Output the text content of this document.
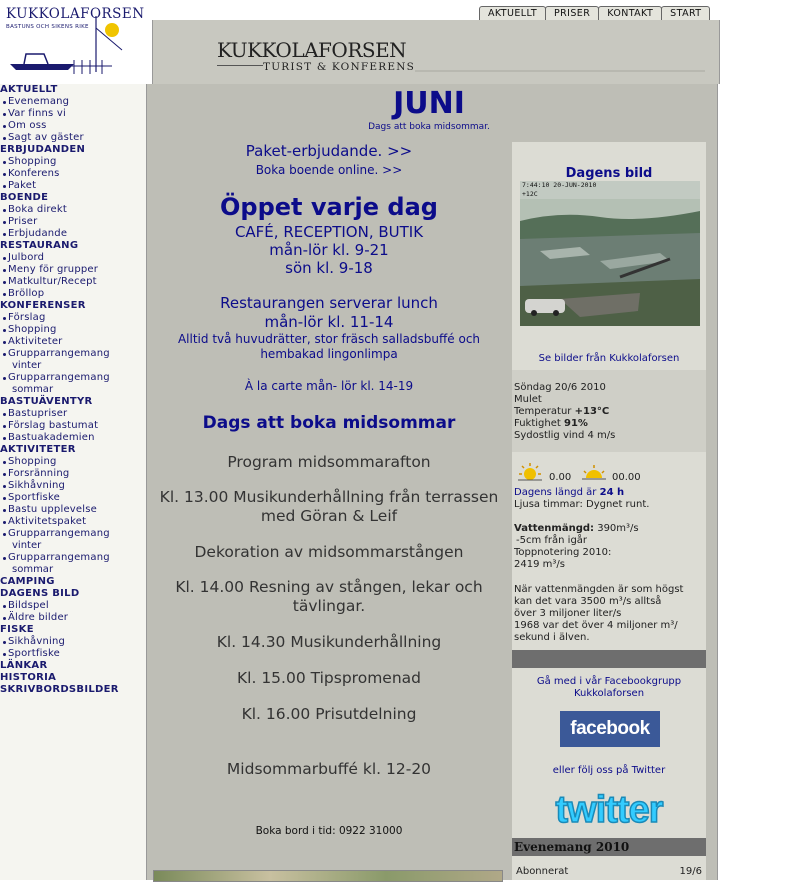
KUKKOLAFORSEN
BASTUNS OCH SIKENS RIKE
AKTUELLT
Evenemang
Var finns vi
Om oss
Sagt av gäster
ERBJUDANDEN
Shopping
Konferens
Paket
BOENDE
Boka direkt
Priser
Erbjudande
RESTAURANG
Julbord
Meny för grupper
Matkultur/Recept
Bröllop
KONFERENSER
Förslag
Shopping
Aktiviteter
Grupparrangemang
vinter
Grupparrangemang
sommar
BASTUÄVENTYR
Bastupriser
Förslag bastumat
Bastuakademien
AKTIVITETER
Shopping
Forsränning
Sikhåvning
Sportfiske
Bastu upplevelse
Aktivitetspaket
Grupparrangemang
vinter
Grupparrangemang
sommar
CAMPING
DAGENS BILD
Bildspel
Äldre bilder
FISKE
Sikhåvning
Sportfiske
LÄNKAR
HISTORIA
SKRIVBORDSBILDER
AKTUELLT	PRISER	KONTAKT	START
KUKKOLAFORSEN
TURIST & KONFERENS
JUNI
Dags att boka midsommar.
Paket-erbjudande. >>
Boka boende online. >>
Öppet varje dag
CAFÉ, RECEPTION, BUTIK
mån-lör kl. 9-21
sön kl. 9-18
Restaurangen serverar lunch
mån-lör kl. 11-14
Alltid två huvudrätter, stor fräsch salladsbuffé och hembakad lingonlimpa
À la carte mån- lör kl. 14-19
Dags att boka midsommar
Program midsommarafton
Kl. 13.00 Musikunderhållning från terrassen med Göran & Leif
Dekoration av midsommarstången
Kl. 14.00 Resning av stången, lekar och tävlingar.
Kl. 14.30 Musikunderhållning
Kl. 15.00 Tipspromenad
Kl. 16.00 Prisutdelning
Midsommarbuffé kl. 12-20
Boka bord i tid: 0922 31000
Dagens bild
7:44:10 20-JUN-2010
+12C
Se bilder från Kukkolaforsen
Söndag 20/6 2010
Mulet
Temperatur +13°C
Fuktighet 91%
Sydostlig vind 4 m/s
0.00	00.00
Dagens längd är 24 h
Ljusa timmar: Dygnet runt.
Vattenmängd: 390m³/s
-5cm från igår
Toppnotering 2010:
2419 m³/s
När vattenmängden är som högst
kan det vara 3500 m³/s alltså
över 3 miljoner liter/s
1968 var det över 4 miljoner m³/
sekund i älven.
Gå med i vår Facebookgrupp Kukkolaforsen
facebook
eller följ oss på Twitter
twitter
Evenemang 2010
Abonnerat	19/6
